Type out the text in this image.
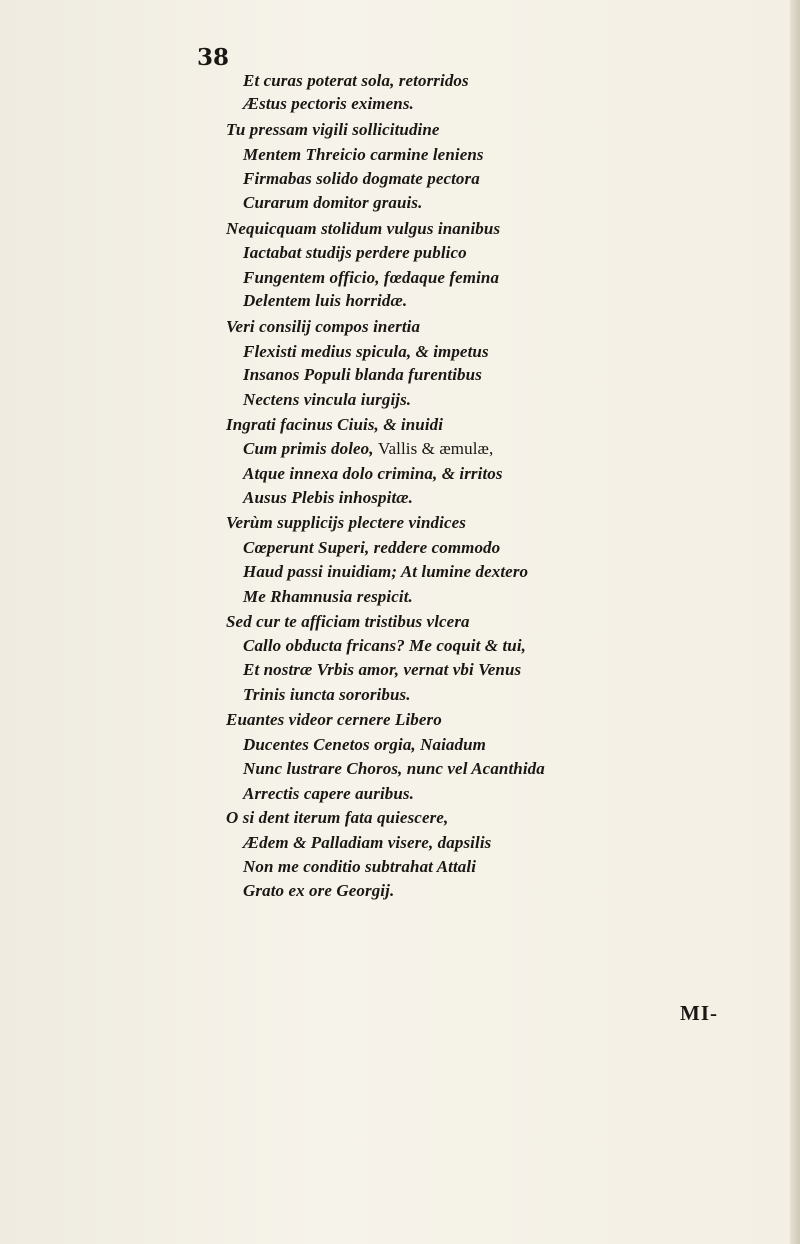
38
Et curas poterat sola, retorridos
Æstus pectoris eximens.
Tu pressam vigili sollicitudine
Mentem Threicio carmine leniens
Firmabas solido dogmate pectora
Curarum domitor grauis.
Nequicquam stolidum vulgus inanibus
Iactabat studijs perdere publico
Fungentem officio, fœdaque femina
Delentem luis horridæ.
Veri consilij compos inertia
Flexisti medius spicula, & impetus
Insanos Populi blanda furentibus
Nectens vincula iurgijs.
Ingrati facinus Ciuis, & inuidi
Cum primis doleo, Vallis & æmulæ,
Atque innexa dolo crimina, & irritos
Ausus Plebis inhospitæ.
Verùm supplicijs plectere vindices
Cœperunt Superi, reddere commodo
Haud passi inuidiam; At lumine dextero
Me Rhamnusia respicit.
Sed cur te afficiam tristibus vlcera
Callo obducta fricans? Me coquit & tui,
Et nostræ Vrbis amor, vernat vbi Venus
Trinis iuncta sororibus.
Euantes videor cernere Libero
Ducentes Cenetos orgia, Naiadum
Nunc lustrare Choros, nunc vel Acanthida
Arrectis capere auribus.
O si dent iterum fata quiescere,
Ædem & Palladiam visere, dapsilis
Non me conditio subtrahat Attali
Grato ex ore Georgij.
MI-
